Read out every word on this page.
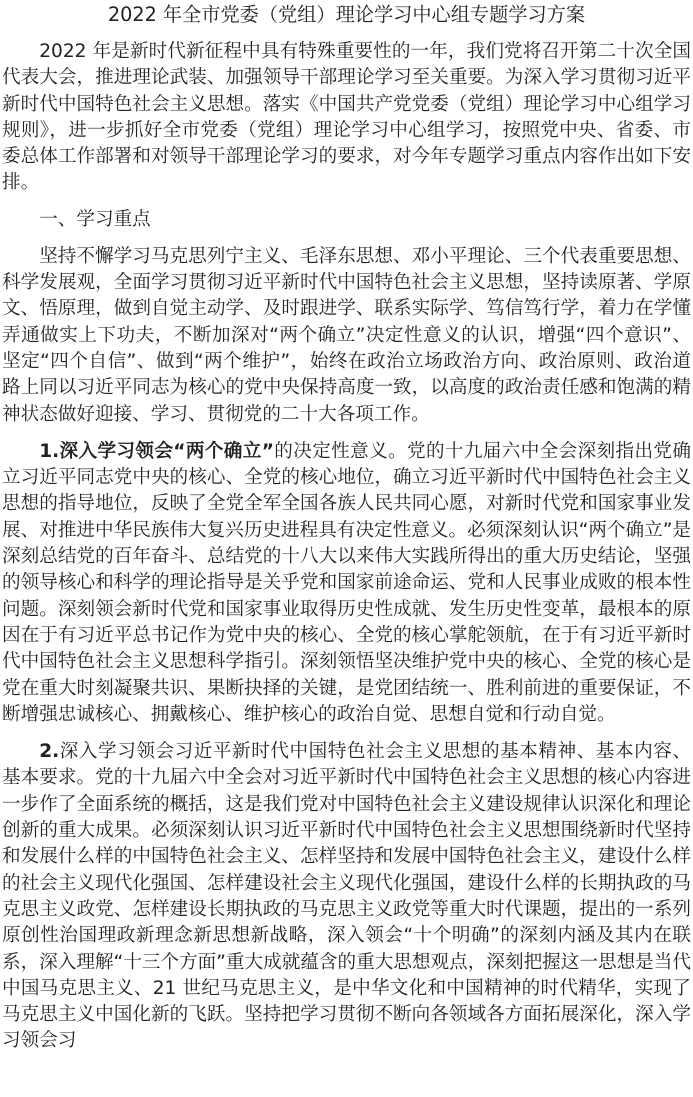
2022 年全市党委（党组）理论学习中心组专题学习方案

2022 年是新时代新征程中具有特殊重要性的一年，我们党将召开第二十次全国代表大会，推进理论武装、加强领导干部理论学习至关重要。为深入学习贯彻习近平新时代中国特色社会主义思想。落实《中国共产党党委（党组）理论学习中心组学习规则》，进一步抓好全市党委（党组）理论学习中心组学习，按照党中央、省委、市委总体工作部署和对领导干部理论学习的要求，对今年专题学习重点内容作出如下安排。

一、学习重点

坚持不懈学习马克思列宁主义、毛泽东思想、邓小平理论、三个代表重要思想、科学发展观，全面学习贯彻习近平新时代中国特色社会主义思想，坚持读原著、学原文、悟原理，做到自觉主动学、及时跟进学、联系实际学、笃信笃行学，着力在学懂弄通做实上下功夫，不断加深对“两个确立”决定性意义的认识，增强“四个意识”、坚定“四个自信”、做到“两个维护”，始终在政治立场政治方向、政治原则、政治道路上同以习近平同志为核心的党中央保持高度一致，以高度的政治责任感和饱满的精神状态做好迎接、学习、贯彻党的二十大各项工作。

1.深入学习领会“两个确立”的决定性意义。党的十九届六中全会深刻指出党确立习近平同志党中央的核心、全党的核心地位，确立习近平新时代中国特色社会主义思想的指导地位，反映了全党全军全国各族人民共同心愿，对新时代党和国家事业发展、对推进中华民族伟大复兴历史进程具有决定性意义。必须深刻认识“两个确立”是深刻总结党的百年奋斗、总结党的十八大以来伟大实践所得出的重大历史结论，坚强的领导核心和科学的理论指导是关乎党和国家前途命运、党和人民事业成败的根本性问题。深刻领会新时代党和国家事业取得历史性成就、发生历史性变革，最根本的原因在于有习近平总书记作为党中央的核心、全党的核心掌舵领航，在于有习近平新时代中国特色社会主义思想科学指引。深刻领悟坚决维护党中央的核心、全党的核心是党在重大时刻凝聚共识、果断抉择的关键，是党团结统一、胜利前进的重要保证，不断增强忠诚核心、拥戴核心、维护核心的政治自觉、思想自觉和行动自觉。

2.深入学习领会习近平新时代中国特色社会主义思想的基本精神、基本内容、基本要求。党的十九届六中全会对习近平新时代中国特色社会主义思想的核心内容进一步作了全面系统的概括，这是我们党对中国特色社会主义建设规律认识深化和理论创新的重大成果。必须深刻认识习近平新时代中国特色社会主义思想围绕新时代坚持和发展什么样的中国特色社会主义、怎样坚持和发展中国特色社会主义，建设什么样的社会主义现代化强国、怎样建设社会主义现代化强国，建设什么样的长期执政的马克思主义政党、怎样建设长期执政的马克思主义政党等重大时代课题，提出的一系列原创性治国理政新理念新思想新战略，深入领会“十个明确”的深刻内涵及其内在联系，深入理解“十三个方面”重大成就蕴含的重大思想观点，深刻把握这一思想是当代中国马克思主义、21 世纪马克思主义，是中华文化和中国精神的时代精华，实现了马克思主义中国化新的飞跃。坚持把学习贯彻不断向各领域各方面拓展深化，深入学习领会习
